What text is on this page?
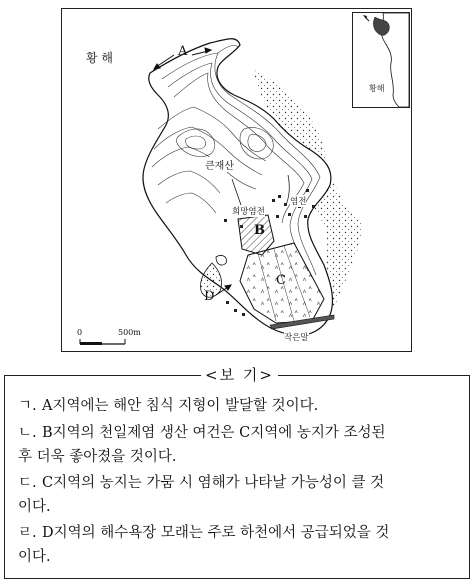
황 해	A
B
C
D
큰재산
희망염전
염전
작은말
0	500m
황해
<보 기>
ㄱ. A지역에는 해안 침식 지형이 발달할 것이다.
ㄴ. B지역의 천일제염 생산 여건은 C지역에 농지가 조성된
후 더욱 좋아졌을 것이다.
ㄷ. C지역의 농지는 가뭄 시 염해가 나타날 가능성이 클 것
이다.
ㄹ. D지역의 해수욕장 모래는 주로 하천에서 공급되었을 것
이다.
